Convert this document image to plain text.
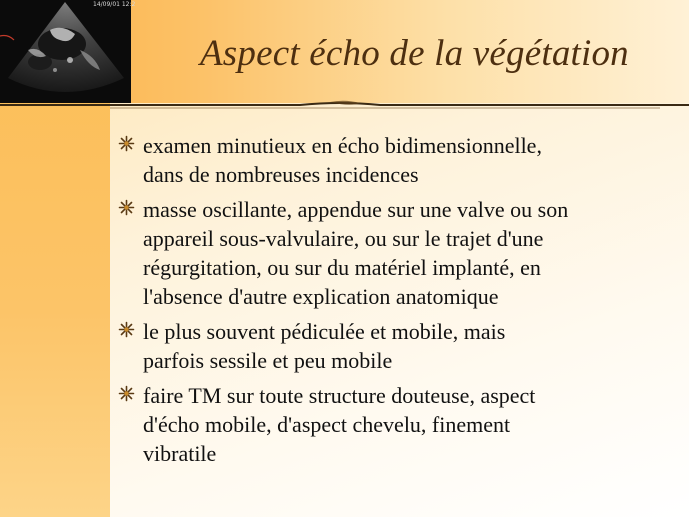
14/09/01 12:2
Aspect écho de la végétation
examen minutieux en écho bidimensionnelle,
dans de nombreuses incidences
masse oscillante, appendue sur une valve ou son
appareil sous-valvulaire, ou sur le trajet d'une
régurgitation, ou sur du matériel implanté, en
l'absence d'autre explication anatomique
le plus souvent pédiculée et mobile, mais
parfois sessile et peu mobile
faire TM sur toute structure douteuse, aspect
d'écho mobile, d'aspect chevelu, finement
vibratile
